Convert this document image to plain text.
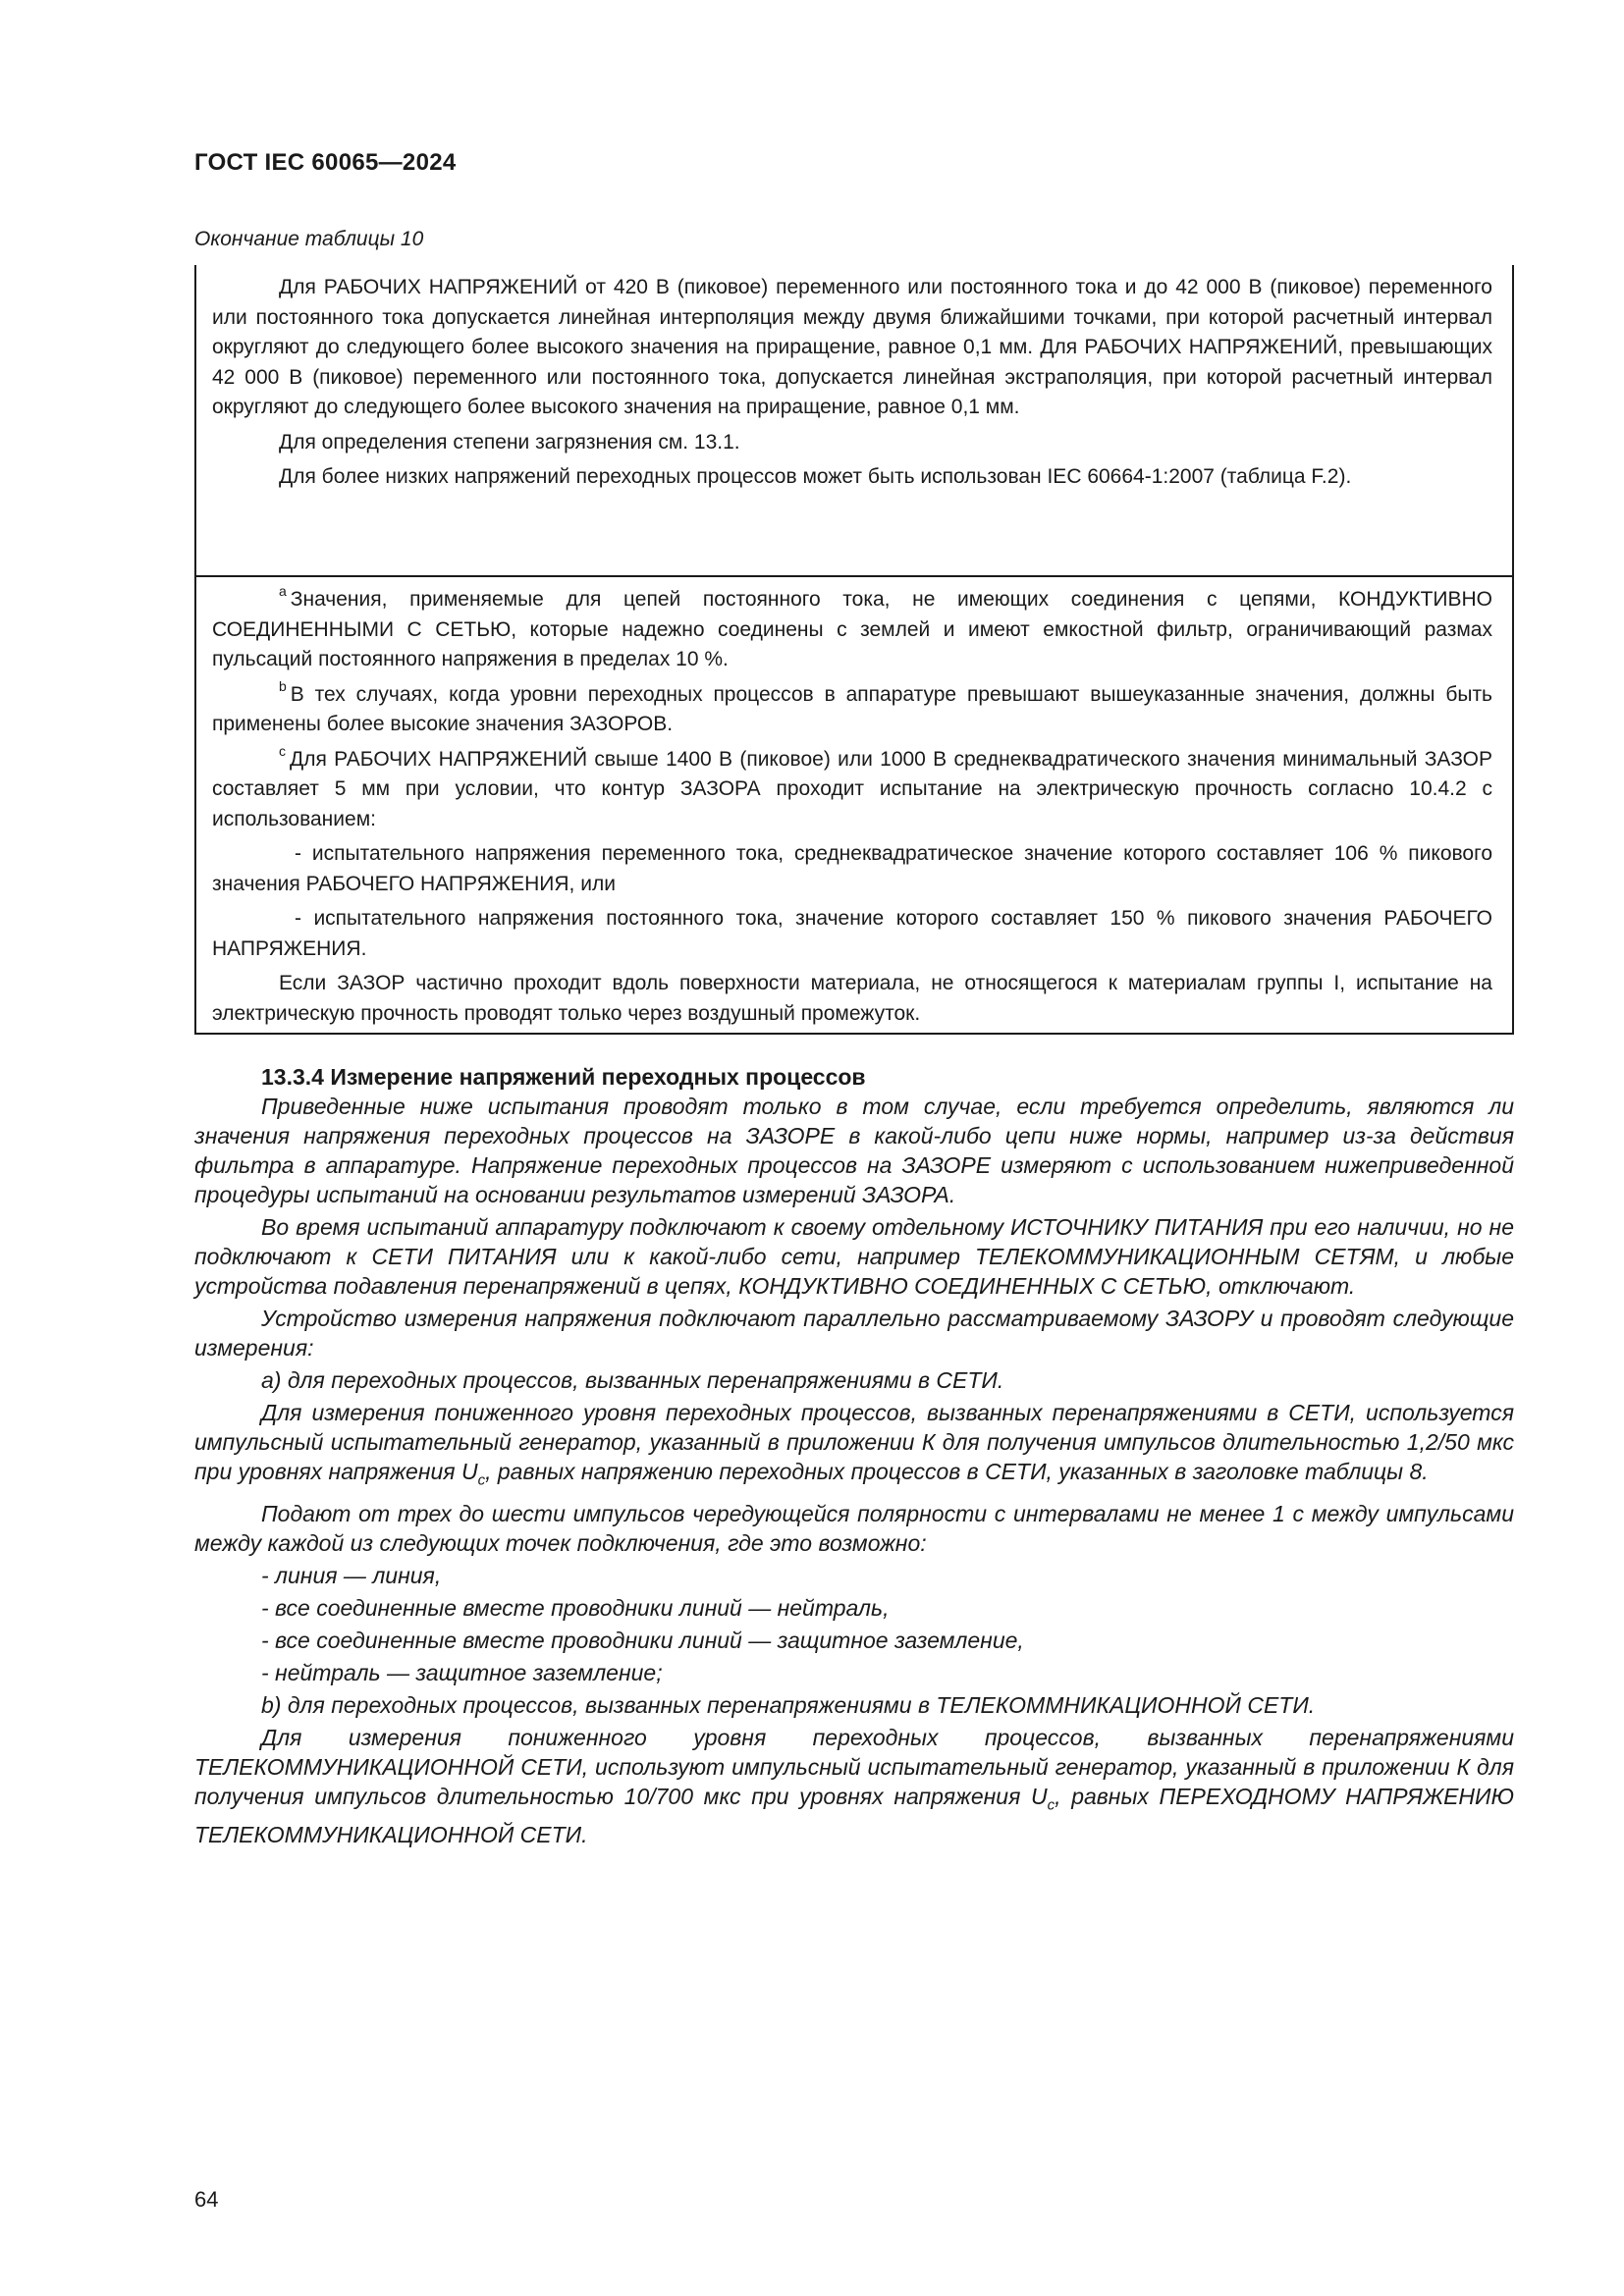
ГОСТ IEC 60065—2024
Окончание таблицы 10

Для РАБОЧИХ НАПРЯЖЕНИЙ от 420 В (пиковое) переменного или постоянного тока и до 42 000 В (пиковое) переменного или постоянного тока допускается линейная интерполяция между двумя ближайшими точками, при которой расчетный интервал округляют до следующего более высокого значения на приращение, равное 0,1 мм. Для РАБОЧИХ НАПРЯЖЕНИЙ, превышающих 42 000 В (пиковое) переменного или постоянного тока, допускается линейная экстраполяция, при которой расчетный интервал округляют до следующего более высокого значения на приращение, равное 0,1 мм.

Для определения степени загрязнения см. 13.1.

Для более низких напряжений переходных процессов может быть использован IEC 60664-1:2007 (таблица F.2).

$^a$ Значения, применяемые для цепей постоянного тока, не имеющих соединения с цепями, КОНДУКТИВНО СОЕДИНЕННЫМИ С СЕТЬЮ, которые надежно соединены с землей и имеют емкостной фильтр, ограничивающий размах пульсаций постоянного напряжения в пределах 10 %.

$^b$ В тех случаях, когда уровни переходных процессов в аппаратуре превышают вышеуказанные значения, должны быть применены более высокие значения ЗАЗОРОВ.

$^c$ Для РАБОЧИХ НАПРЯЖЕНИЙ свыше 1400 В (пиковое) или 1000 В среднеквадратического значения минимальный ЗАЗОР составляет 5 мм при условии, что контур ЗАЗОРА проходит испытание на электрическую прочность согласно 10.4.2 с использованием:

- испытательного напряжения переменного тока, среднеквадратическое значение которого составляет 106 % пикового значения РАБОЧЕГО НАПРЯЖЕНИЯ, или

- испытательного напряжения постоянного тока, значение которого составляет 150 % пикового значения РАБОЧЕГО НАПРЯЖЕНИЯ.

Если ЗАЗОР частично проходит вдоль поверхности материала, не относящегося к материалам группы I, испытание на электрическую прочность проводят только через воздушный промежуток.

13.3.4 Измерение напряжений переходных процессов

Приведенные ниже испытания проводят только в том случае, если требуется определить, являются ли значения напряжения переходных процессов на ЗАЗОРЕ в какой-либо цепи ниже нормы, например из-за действия фильтра в аппаратуре. Напряжение переходных процессов на ЗАЗОРЕ измеряют с использованием нижеприведенной процедуры испытаний на основании результатов измерений ЗАЗОРА.

Во время испытаний аппаратуру подключают к своему отдельному ИСТОЧНИКУ ПИТАНИЯ при его наличии, но не подключают к СЕТИ ПИТАНИЯ или к какой-либо сети, например ТЕЛЕКОММУНИКАЦИОННЫМ СЕТЯМ, и любые устройства подавления перенапряжений в цепях, КОНДУКТИВНО СОЕДИНЕННЫХ С СЕТЬЮ, отключают.

Устройство измерения напряжения подключают параллельно рассматриваемому ЗАЗОРУ и проводят следующие измерения:

a) для переходных процессов, вызванных перенапряжениями в СЕТИ.

Для измерения пониженного уровня переходных процессов, вызванных перенапряжениями в СЕТИ, используется импульсный испытательный генератор, указанный в приложении К для получения импульсов длительностью 1,2/50 мкс при уровнях напряжения $U_c$, равных напряжению переходных процессов в СЕТИ, указанных в заголовке таблицы 8.

Подают от трех до шести импульсов чередующейся полярности с интервалами не менее 1 с между импульсами между каждой из следующих точек подключения, где это возможно:

- линия — линия,

- все соединенные вместе проводники линий — нейтраль,

- все соединенные вместе проводники линий — защитное заземление,

- нейтраль — защитное заземление;

b) для переходных процессов, вызванных перенапряжениями в ТЕЛЕКОММНИКАЦИОННОЙ СЕТИ.

Для измерения пониженного уровня переходных процессов, вызванных перенапряжениями ТЕЛЕКОММУНИКАЦИОННОЙ СЕТИ, используют импульсный испытательный генератор, указанный в приложении К для получения импульсов длительностью 10/700 мкс при уровнях напряжения $U_c$, равных ПЕРЕХОДНОМУ НАПРЯЖЕНИЮ ТЕЛЕКОММУНИКАЦИОННОЙ СЕТИ.

64
